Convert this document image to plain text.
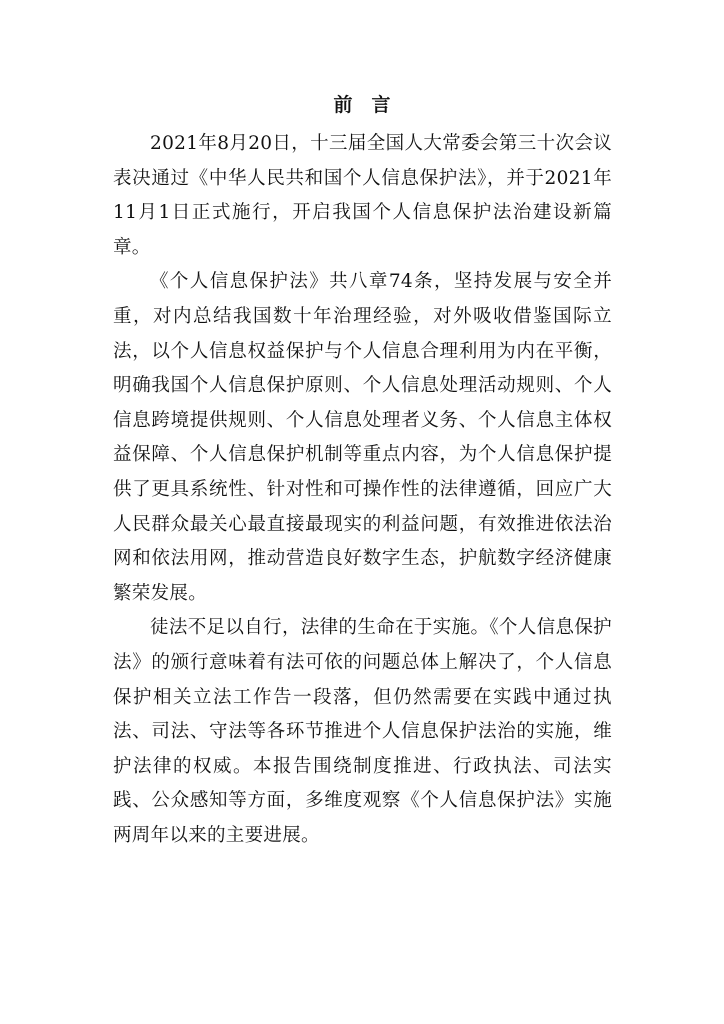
前言

2021年8月20日，十三届全国人大常委会第三十次会议表决通过《中华人民共和国个人信息保护法》，并于2021年11月1日正式施行，开启我国个人信息保护法治建设新篇章。

《个人信息保护法》共八章74条，坚持发展与安全并重，对内总结我国数十年治理经验，对外吸收借鉴国际立法，以个人信息权益保护与个人信息合理利用为内在平衡，明确我国个人信息保护原则、个人信息处理活动规则、个人信息跨境提供规则、个人信息处理者义务、个人信息主体权益保障、个人信息保护机制等重点内容，为个人信息保护提供了更具系统性、针对性和可操作性的法律遵循，回应广大人民群众最关心最直接最现实的利益问题，有效推进依法治网和依法用网，推动营造良好数字生态，护航数字经济健康繁荣发展。

徒法不足以自行，法律的生命在于实施。《个人信息保护法》的颁行意味着有法可依的问题总体上解决了，个人信息保护相关立法工作告一段落，但仍然需要在实践中通过执法、司法、守法等各环节推进个人信息保护法治的实施，维护法律的权威。本报告围绕制度推进、行政执法、司法实践、公众感知等方面，多维度观察《个人信息保护法》实施两周年以来的主要进展。
